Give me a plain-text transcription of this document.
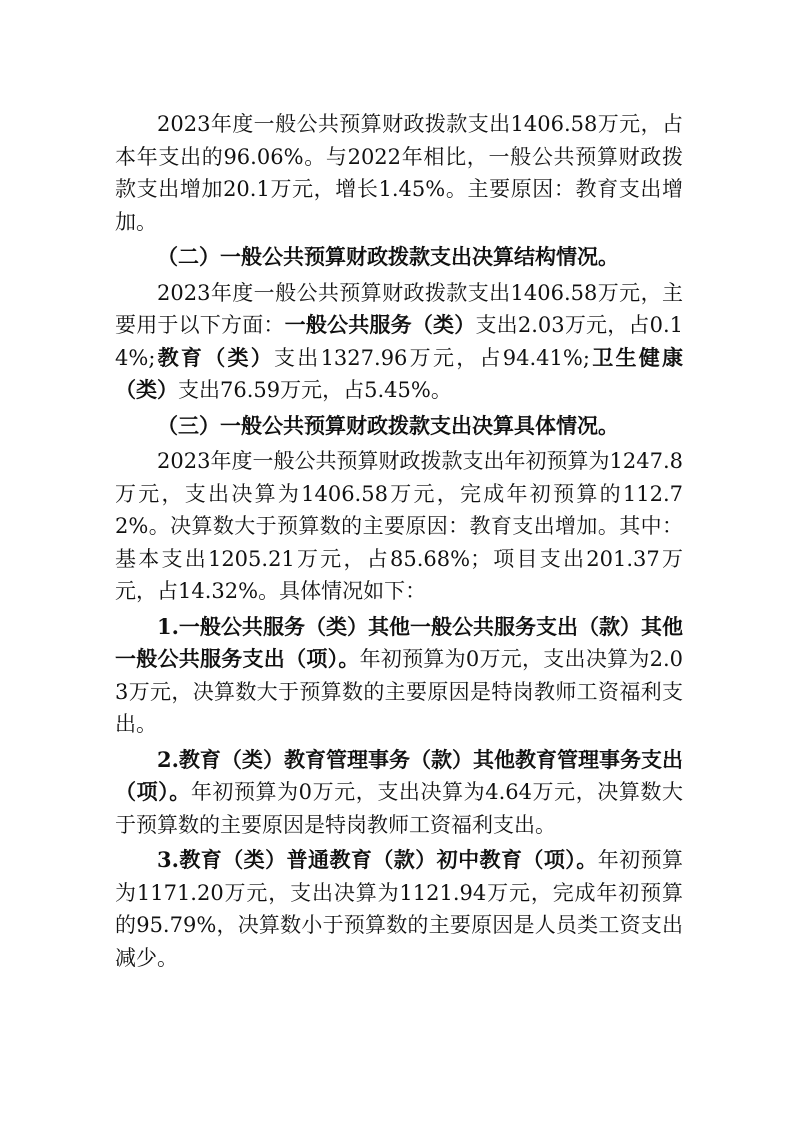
2023年度一般公共预算财政拨款支出1406.58万元，占本年支出的96.06%。与2022年相比，一般公共预算财政拨款支出增加20.1万元，增长1.45%。主要原因：教育支出增加。

（二）一般公共预算财政拨款支出决算结构情况。

2023年度一般公共预算财政拨款支出1406.58万元，主要用于以下方面：一般公共服务（类）支出2.03万元，占0.14%;教育（类）支出1327.96万元，占94.41%;卫生健康（类）支出76.59万元，占5.45%。

（三）一般公共预算财政拨款支出决算具体情况。

2023年度一般公共预算财政拨款支出年初预算为1247.8万元，支出决算为1406.58万元，完成年初预算的112.72%。决算数大于预算数的主要原因：教育支出增加。其中：基本支出1205.21万元，占85.68%；项目支出201.37万元，占14.32%。具体情况如下：

1.一般公共服务（类）其他一般公共服务支出（款）其他一般公共服务支出（项）。年初预算为0万元，支出决算为2.03万元，决算数大于预算数的主要原因是特岗教师工资福利支出。

2.教育（类）教育管理事务（款）其他教育管理事务支出（项）。年初预算为0万元，支出决算为4.64万元，决算数大于预算数的主要原因是特岗教师工资福利支出。

3.教育（类）普通教育（款）初中教育（项）。年初预算为1171.20万元，支出决算为1121.94万元，完成年初预算的95.79%，决算数小于预算数的主要原因是人员类工资支出减少。
